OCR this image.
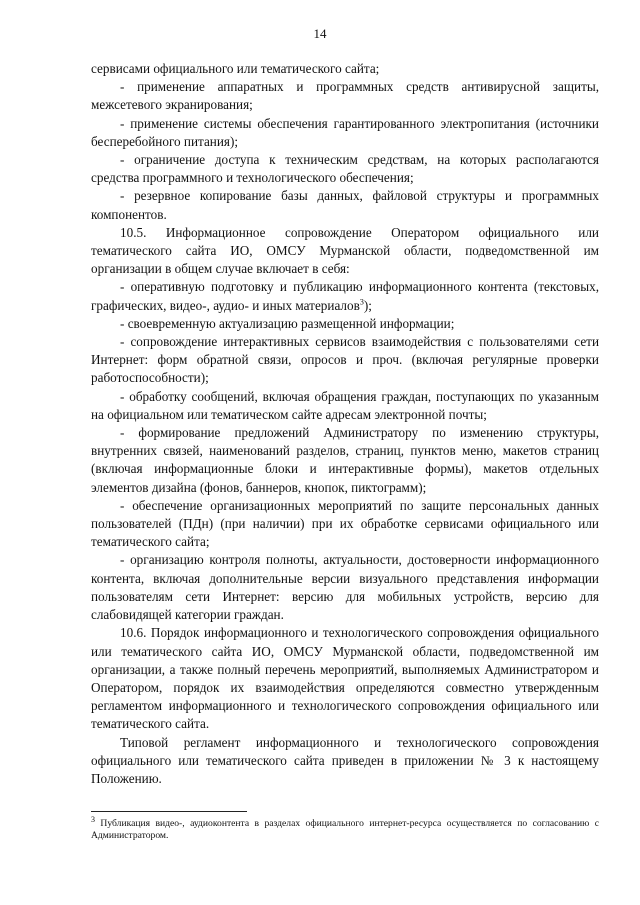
14

сервисами официального или тематического сайта;

- применение аппаратных и программных средств антивирусной защиты, межсетевого экранирования;

- применение системы обеспечения гарантированного электропитания (источники бесперебойного питания);

- ограничение доступа к техническим средствам, на которых располагаются средства программного и технологического обеспечения;

- резервное копирование базы данных, файловой структуры и программных компонентов.

10.5. Информационное сопровождение Оператором официального или тематического сайта ИО, ОМСУ Мурманской области, подведомственной им организации в общем случае включает в себя:

- оперативную подготовку и публикацию информационного контента (текстовых, графических, видео-, аудио- и иных материалов$^3$);

- своевременную актуализацию размещенной информации;

- сопровождение интерактивных сервисов взаимодействия с пользователями сети Интернет: форм обратной связи, опросов и проч. (включая регулярные проверки работоспособности);

- обработку сообщений, включая обращения граждан, поступающих по указанным на официальном или тематическом сайте адресам электронной почты;

- формирование предложений Администратору по изменению структуры, внутренних связей, наименований разделов, страниц, пунктов меню, макетов страниц (включая информационные блоки и интерактивные формы), макетов отдельных элементов дизайна (фонов, баннеров, кнопок, пиктограмм);

- обеспечение организационных мероприятий по защите персональных данных пользователей (ПДн) (при наличии) при их обработке сервисами официального или тематического сайта;

- организацию контроля полноты, актуальности, достоверности информационного контента, включая дополнительные версии визуального представления информации пользователям сети Интернет: версию для мобильных устройств, версию для слабовидящей категории граждан.

10.6. Порядок информационного и технологического сопровождения официального или тематического сайта ИО, ОМСУ Мурманской области, подведомственной им организации, а также полный перечень мероприятий, выполняемых Администратором и Оператором, порядок их взаимодействия определяются совместно утвержденным регламентом информационного и технологического сопровождения официального или тематического сайта.

Типовой регламент информационного и технологического сопровождения официального или тематического сайта приведен в приложении № 3 к настоящему Положению.

$^3$ Публикация видео-, аудиоконтента в разделах официального интернет-ресурса осуществляется по согласованию с Администратором.
